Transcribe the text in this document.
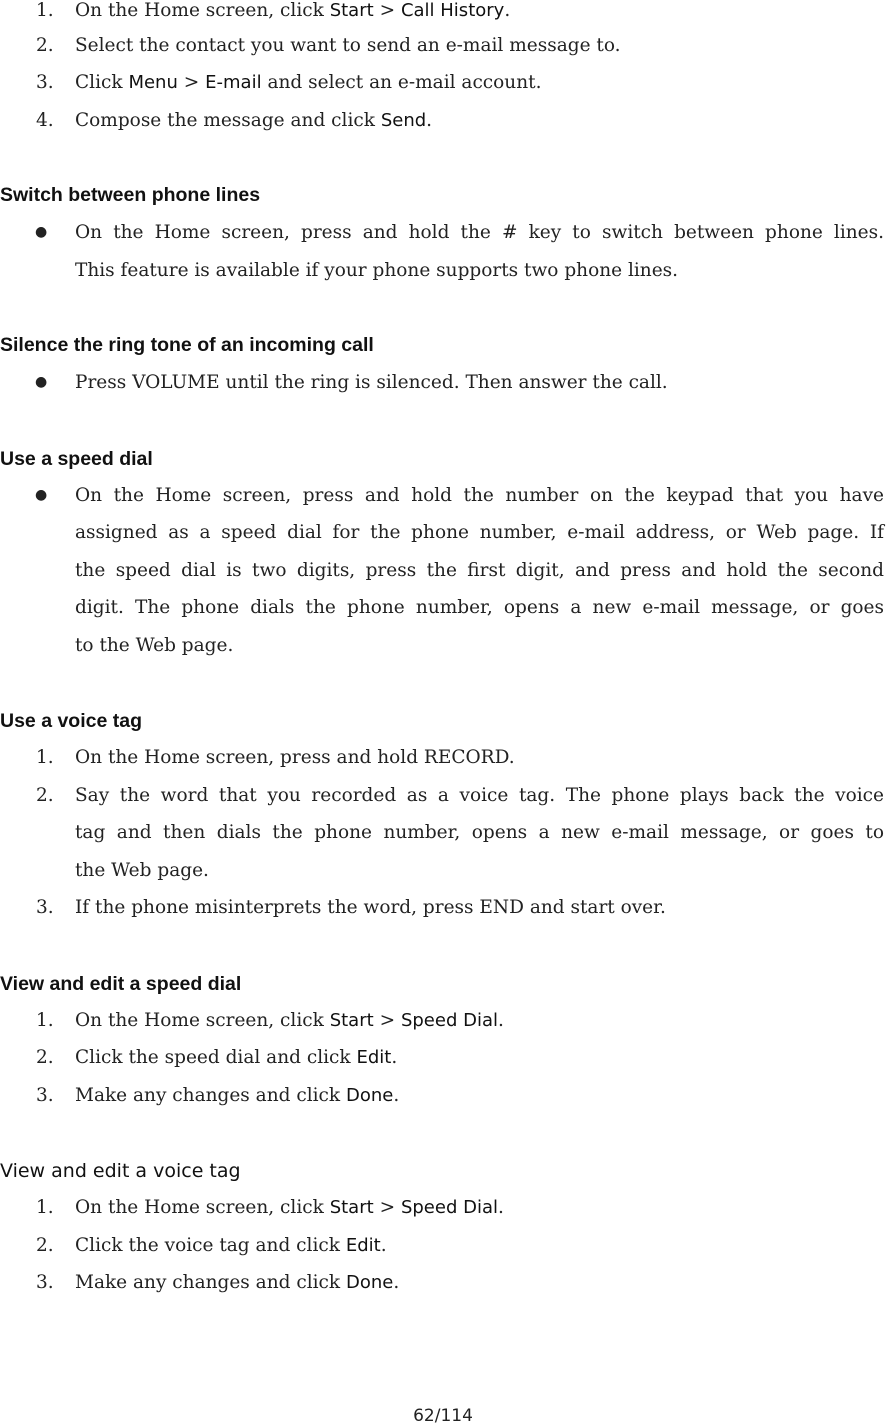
1.	On the Home screen, click Start > Call History.
2.	Select the contact you want to send an e-mail message to.
3.	Click Menu > E-mail and select an e-mail account.
4.	Compose the message and click Send.
Switch between phone lines
● On the Home screen, press and hold the # key to switch between phone lines.
This feature is available if your phone supports two phone lines.
Silence the ring tone of an incoming call
● Press VOLUME until the ring is silenced. Then answer the call.
Use a speed dial
● On the Home screen, press and hold the number on the keypad that you have
assigned as a speed dial for the phone number, e-mail address, or Web page. If
the speed dial is two digits, press the first digit, and press and hold the second
digit. The phone dials the phone number, opens a new e-mail message, or goes
to the Web page.
Use a voice tag
1.	On the Home screen, press and hold RECORD.
2.	Say the word that you recorded as a voice tag. The phone plays back the voice
tag and then dials the phone number, opens a new e-mail message, or goes to
the Web page.
3.	If the phone misinterprets the word, press END and start over.
View and edit a speed dial
1.	On the Home screen, click Start > Speed Dial.
2.	Click the speed dial and click Edit.
3.	Make any changes and click Done.
View and edit a voice tag
1.	On the Home screen, click Start > Speed Dial.
2.	Click the voice tag and click Edit.
3.	Make any changes and click Done.
62/114
